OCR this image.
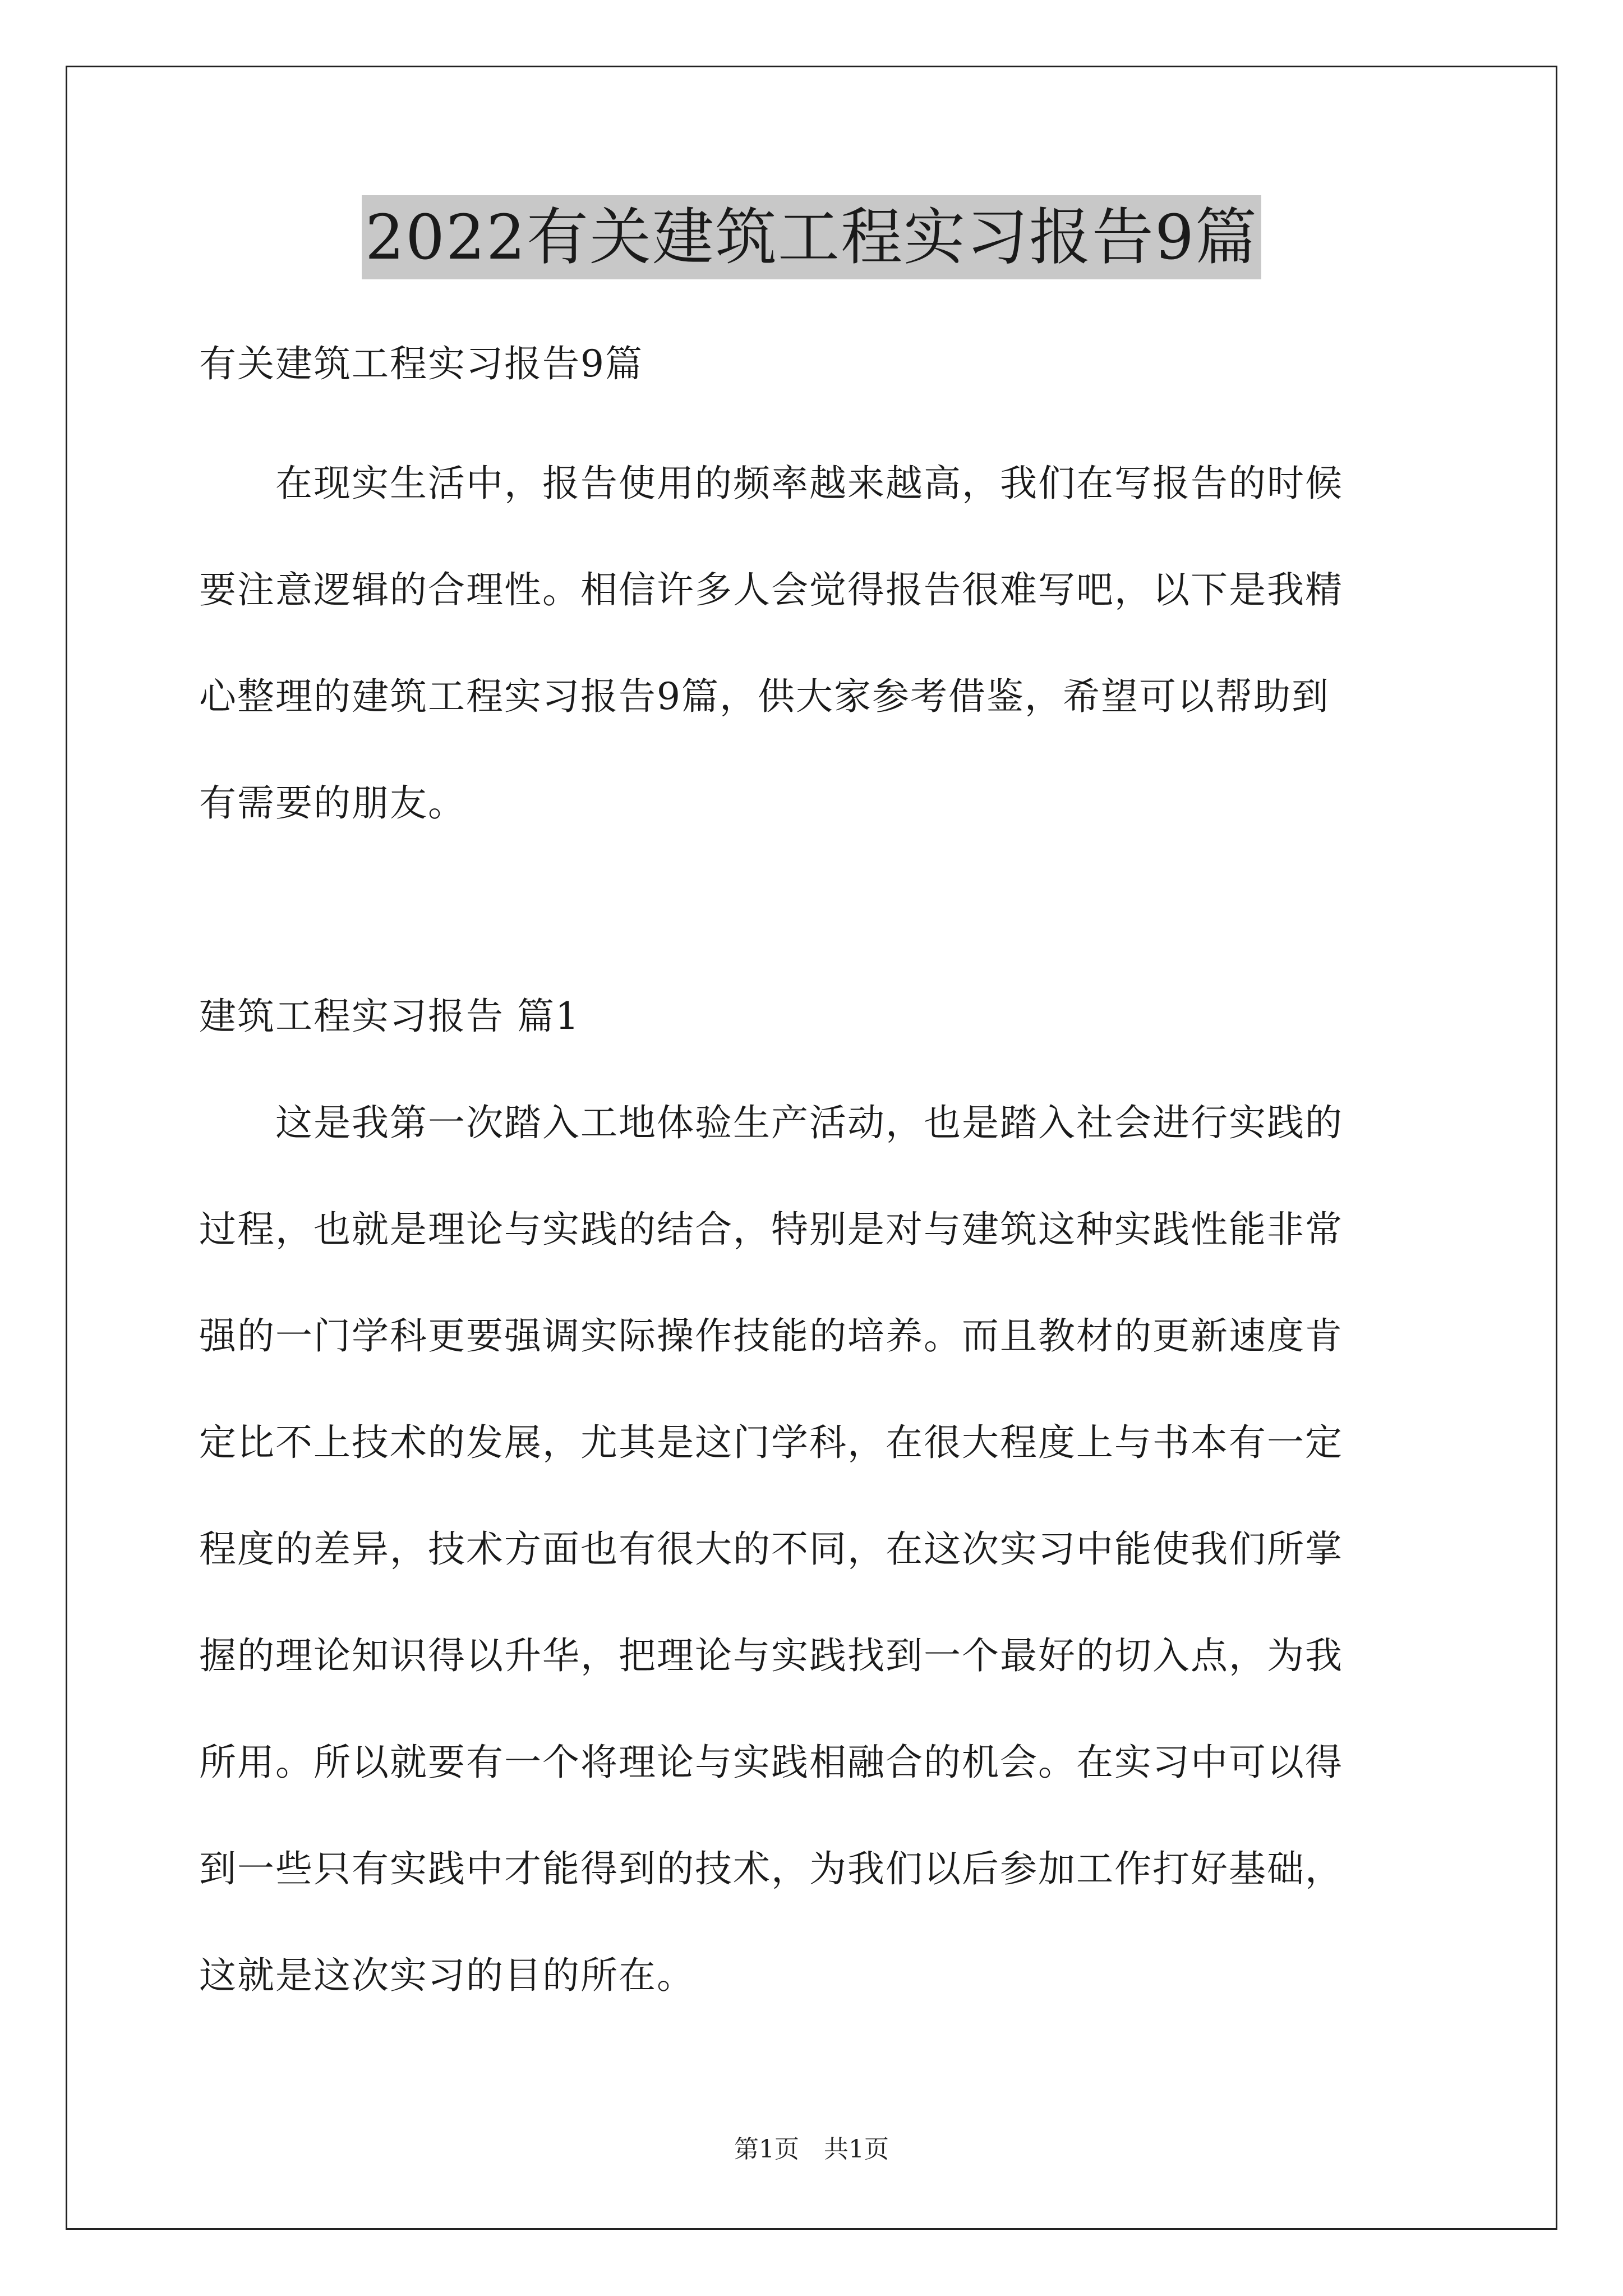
2022有关建筑工程实习报告9篇

有关建筑工程实习报告9篇

　　在现实生活中，报告使用的频率越来越高，我们在写报告的时候

要注意逻辑的合理性。相信许多人会觉得报告很难写吧，以下是我精

心整理的建筑工程实习报告9篇，供大家参考借鉴，希望可以帮助到

有需要的朋友。

建筑工程实习报告 篇1

　　这是我第一次踏入工地体验生产活动，也是踏入社会进行实践的

过程，也就是理论与实践的结合，特别是对与建筑这种实践性能非常

强的一门学科更要强调实际操作技能的培养。而且教材的更新速度肯

定比不上技术的发展，尤其是这门学科，在很大程度上与书本有一定

程度的差异，技术方面也有很大的不同，在这次实习中能使我们所掌

握的理论知识得以升华，把理论与实践找到一个最好的切入点，为我

所用。所以就要有一个将理论与实践相融合的机会。在实习中可以得

到一些只有实践中才能得到的技术，为我们以后参加工作打好基础，

这就是这次实习的目的所在。

第1页　共1页
